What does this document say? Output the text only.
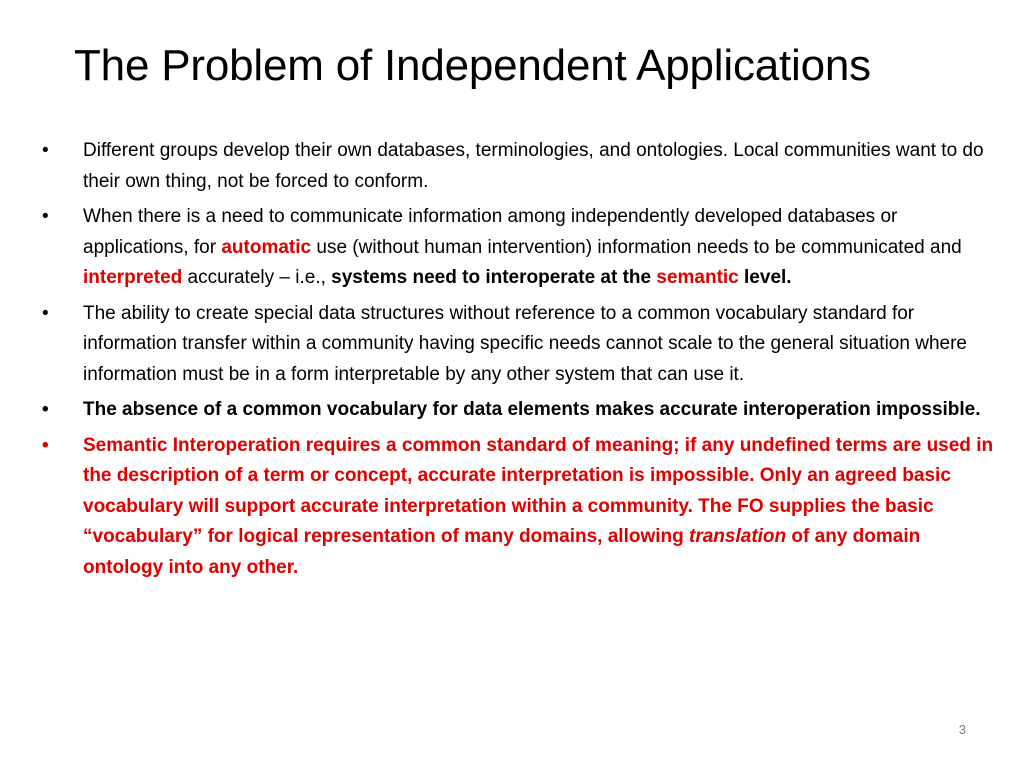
The Problem of Independent Applications
•	Different groups develop their own databases, terminologies, and ontologies. Local communities want to do their own thing, not be forced to conform.
•	When there is a need to communicate information among independently developed databases or applications, for automatic use (without human intervention) information needs to be communicated and interpreted accurately – i.e., systems need to interoperate at the semantic level.
•	The ability to create special data structures without reference to a common vocabulary standard for information transfer within a community having specific needs cannot scale to the general situation where information must be in a form interpretable by any other system that can use it.
•	The absence of a common vocabulary for data elements makes accurate interoperation impossible.
•	Semantic Interoperation requires a common standard of meaning; if any undefined terms are used in the description of a term or concept, accurate interpretation is impossible. Only an agreed basic vocabulary will support accurate interpretation within a community. The FO supplies the basic “vocabulary” for logical representation of many domains, allowing translation of any domain ontology into any other.
3
